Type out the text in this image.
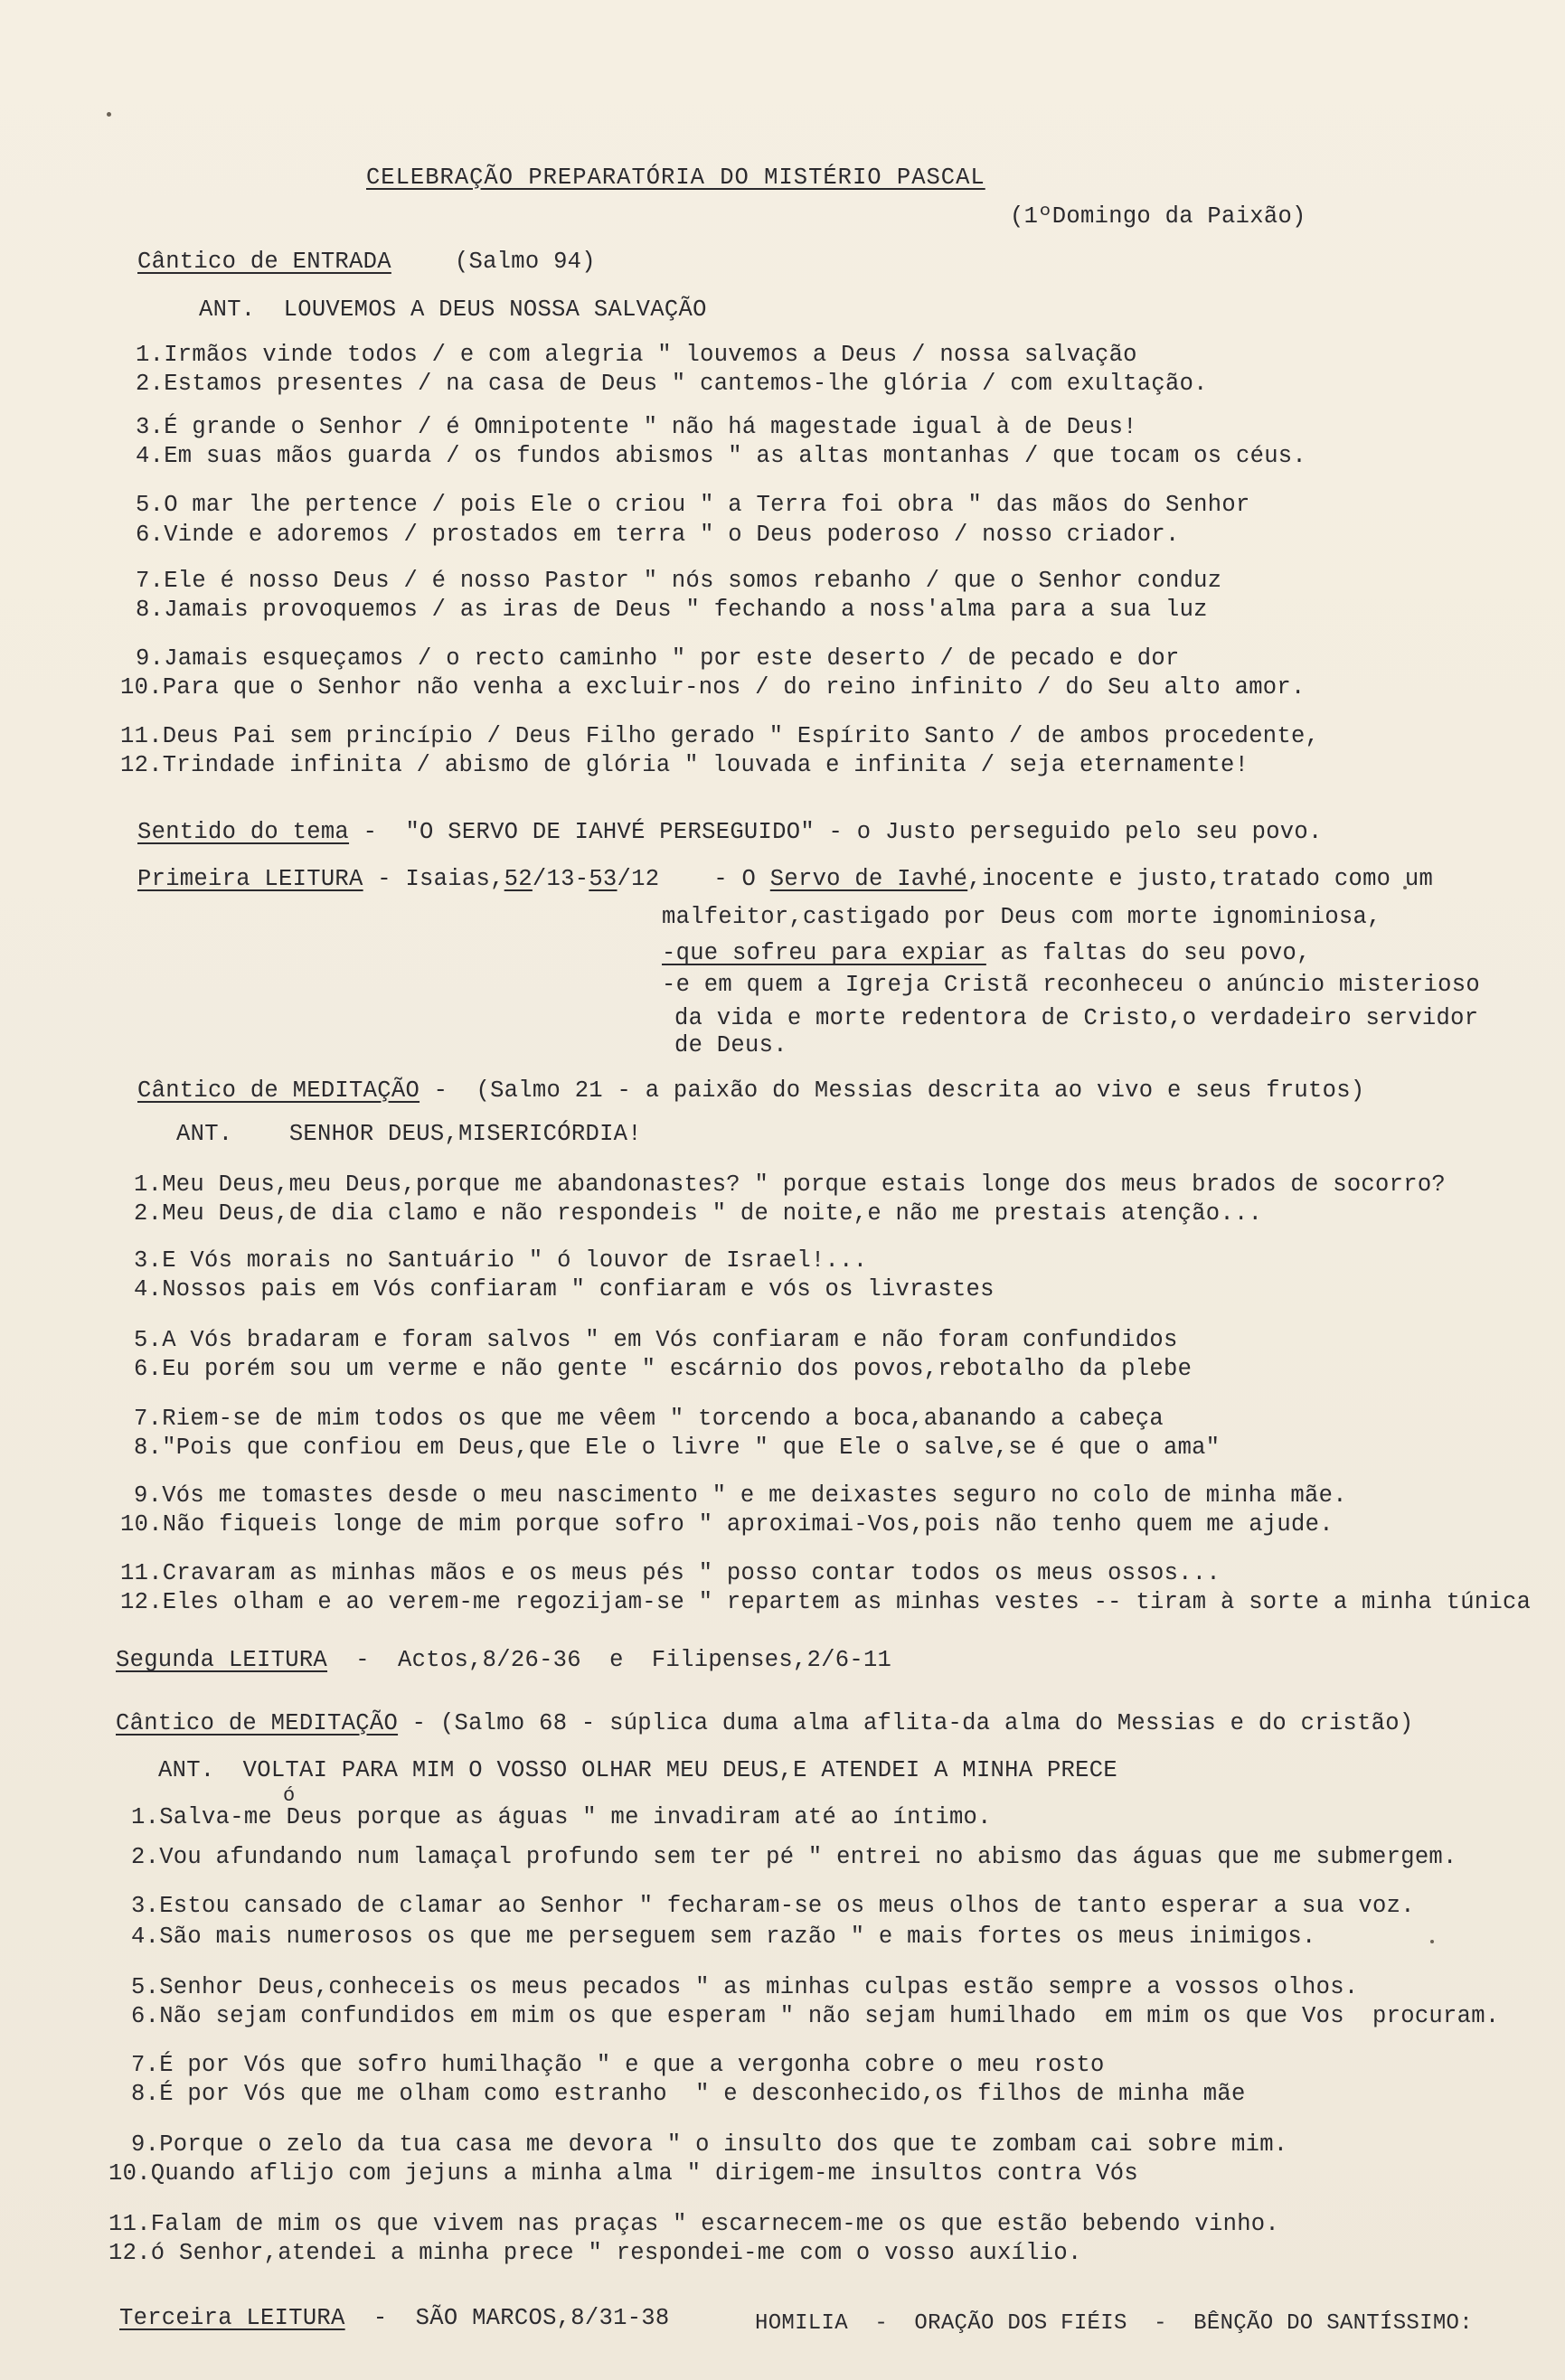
CELEBRAÇÃO PREPARATÓRIA DO MISTÉRIO PASCAL
(1ºDomingo da Paixão)
Cântico de ENTRADA	(Salmo 94)
ANT.  LOUVEMOS A DEUS NOSSA SALVAÇÃO
1.Irmãos vinde todos / e com alegria " louvemos a Deus / nossa salvação
2.Estamos presentes / na casa de Deus " cantemos-lhe glória / com exultação.
3.É grande o Senhor / é Omnipotente " não há magestade igual à de Deus!
4.Em suas mãos guarda / os fundos abismos " as altas montanhas / que tocam os céus.
5.O mar lhe pertence / pois Ele o criou " a Terra foi obra " das mãos do Senhor
6.Vinde e adoremos / prostados em terra " o Deus poderoso / nosso criador.
7.Ele é nosso Deus / é nosso Pastor " nós somos rebanho / que o Senhor conduz
8.Jamais provoquemos / as iras de Deus " fechando a noss'alma para a sua luz
9.Jamais esqueçamos / o recto caminho " por este deserto / de pecado e dor
10.Para que o Senhor não venha a excluir-nos / do reino infinito / do Seu alto amor.
11.Deus Pai sem princípio / Deus Filho gerado " Espírito Santo / de ambos procedente,
12.Trindade infinita / abismo de glória " louvada e infinita / seja eternamente!
Sentido do tema -  "O SERVO DE IAHVÉ PERSEGUIDO" - o Justo perseguido pelo seu povo.
Primeira LEITURA - Isaias, 52 /13- 53 /12 - O Servo de Iavhé ,inocente e justo,tratado como um
malfeitor,castigado por Deus com morte ignominiosa,
-que sofreu para expiar as faltas do seu povo,
-e em quem a Igreja Cristã reconheceu o anúncio misterioso
da vida e morte redentora de Cristo,o verdadeiro servidor
de Deus.
Cântico de MEDITAÇÃO -  (Salmo 21 - a paixão do Messias descrita ao vivo e seus frutos)
ANT.    SENHOR DEUS,MISERICÓRDIA!
1.Meu Deus,meu Deus,porque me abandonastes? " porque estais longe dos meus brados de socorro?
2.Meu Deus,de dia clamo e não respondeis " de noite,e não me prestais atenção...
3.E Vós morais no Santuário " ó louvor de Israel!...
4.Nossos pais em Vós confiaram " confiaram e vós os livrastes
5.A Vós bradaram e foram salvos " em Vós confiaram e não foram confundidos
6.Eu porém sou um verme e não gente " escárnio dos povos,rebotalho da plebe
7.Riem-se de mim todos os que me vêem " torcendo a boca,abanando a cabeça
8."Pois que confiou em Deus,que Ele o livre " que Ele o salve,se é que o ama"
9.Vós me tomastes desde o meu nascimento " e me deixastes seguro no colo de minha mãe.
10.Não fiqueis longe de mim porque sofro " aproximai-Vos,pois não tenho quem me ajude.
11.Cravaram as minhas mãos e os meus pés " posso contar todos os meus ossos...
12.Eles olham e ao verem-me regozijam-se " repartem as minhas vestes -- tiram à sorte a minha túnica
Segunda LEITURA -  Actos,8/26-36  e  Filipenses,2/6-11
Cântico de MEDITAÇÃO - (Salmo 68 - súplica duma alma aflita-da alma do Messias e do cristão)
ANT.  VOLTAI PARA MIM O VOSSO OLHAR MEU DEUS,E ATENDEI A MINHA PRECE
ó
1.Salva-me Deus porque as águas " me invadiram até ao íntimo.
2.Vou afundando num lamaçal profundo sem ter pé " entrei no abismo das águas que me submergem.
3.Estou cansado de clamar ao Senhor " fecharam-se os meus olhos de tanto esperar a sua voz.
4.São mais numerosos os que me perseguem sem razão " e mais fortes os meus inimigos.
5.Senhor Deus,conheceis os meus pecados " as minhas culpas estão sempre a vossos olhos.
6.Não sejam confundidos em mim os que esperam " não sejam humilhado  em mim os que Vos  procuram.
7.É por Vós que sofro humilhação " e que a vergonha cobre o meu rosto
8.É por Vós que me olham como estranho  " e desconhecido,os filhos de minha mãe
9.Porque o zelo da tua casa me devora " o insulto dos que te zombam cai sobre mim.
10.Quando aflijo com jejuns a minha alma " dirigem-me insultos contra Vós
11.Falam de mim os que vivem nas praças " escarnecem-me os que estão bebendo vinho.
12.ó Senhor,atendei a minha prece " respondei-me com o vosso auxílio.
Terceira LEITURA -  SÃO MARCOS,8/31-38	HOMILIA  -  ORAÇÃO DOS FIÉIS  -  BÊNÇÃO DO SANTÍSSIMO:
